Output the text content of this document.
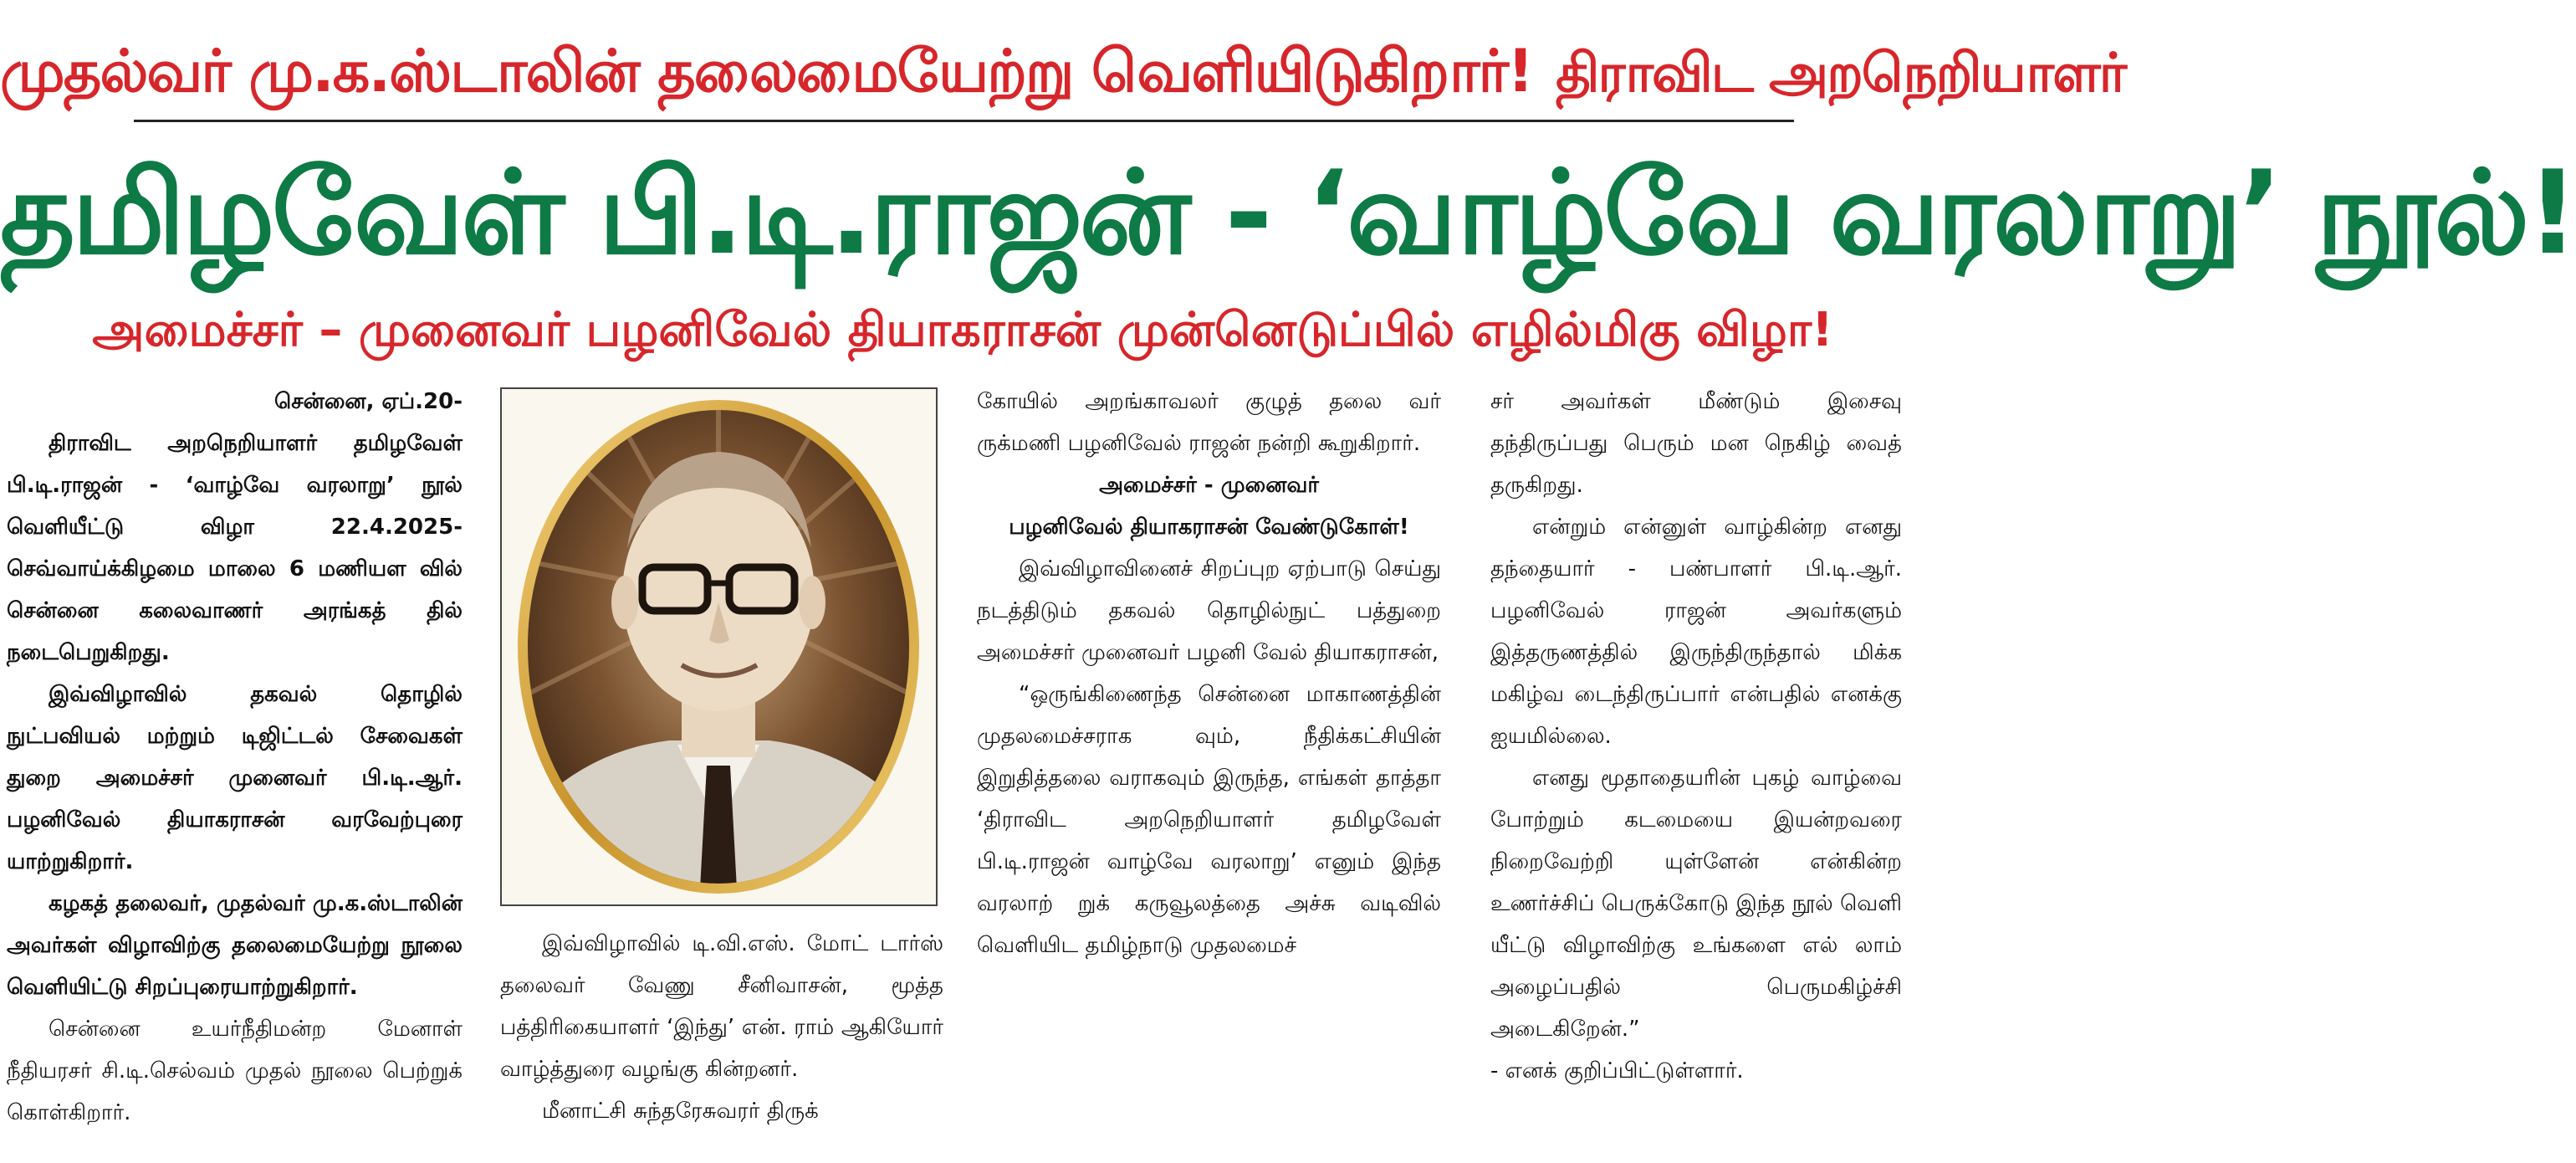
முதல்வர் மு.க.ஸ்டாலின் தலைமையேற்று வெளியிடுகிறார்! திராவிட அறநெறியாளர்
தமிழவேள் பி.டி.ராஜன் - ‘வாழ்வே வரலாறு’ நூல்!
அமைச்சர் – முனைவர் பழனிவேல் தியாகராசன் முன்னெடுப்பில் எழில்மிகு விழா!

சென்னை, ஏப்.20-

திராவிட அறநெறியாளர் தமிழவேள் பி.டி.ராஜன் - ‘வாழ்வே வரலாறு’ நூல் வெளியீட்டு விழா 22.4.2025- செவ்வாய்க்கிழமை மாலை 6 மணியள வில் சென்னை கலைவாணர் அரங்கத் தில் நடைபெறுகிறது.

இவ்விழாவில் தகவல் தொழில் நுட்பவியல் மற்றும் டிஜிட்டல் சேவைகள் துறை அமைச்சர் முனைவர் பி.டி.ஆர். பழனிவேல் தியாகராசன் வரவேற்புரை யாற்றுகிறார்.

கழகத் தலைவர், முதல்வர் மு.க.ஸ்டாலின் அவர்கள் விழாவிற்கு தலைமையேற்று நூலை வெளியிட்டு சிறப்புரையாற்றுகிறார்.

சென்னை உயர்நீதிமன்ற மேனாள் நீதியரசர் சி.டி.செல்வம் முதல் நூலை பெற்றுக் கொள்கிறார்.

இவ்விழாவில் டி.வி.எஸ். மோட் டார்ஸ் தலைவர் வேணு சீனிவாசன், மூத்த பத்திரிகையாளர் ‘இந்து’ என். ராம் ஆகியோர் வாழ்த்துரை வழங்கு கின்றனர்.

மீனாட்சி சுந்தரேசுவரர் திருக்

கோயில் அறங்காவலர் குழுத் தலை வர் ருக்மணி பழனிவேல் ராஜன் நன்றி கூறுகிறார்.

அமைச்சர் - முனைவர்

பழனிவேல் தியாகராசன் வேண்டுகோள்!

இவ்விழாவினைச் சிறப்புற ஏற்பாடு செய்து நடத்திடும் தகவல் தொழில்நுட் பத்துறை அமைச்சர் முனைவர் பழனி வேல் தியாகராசன்,

“ஒருங்கிணைந்த சென்னை மாகாணத்தின் முதலமைச்சராக வும், நீதிக்கட்சியின் இறுதித்தலை வராகவும் இருந்த, எங்கள் தாத்தா ‘திராவிட அறநெறியாளர் தமிழவேள் பி.டி.ராஜன் வாழ்வே வரலாறு’ எனும் இந்த வரலாற் றுக் கருவூலத்தை அச்சு வடிவில் வெளியிட தமிழ்நாடு முதலமைச்

சர் அவர்கள் மீண்டும் இசைவு தந்திருப்பது பெரும் மன நெகிழ் வைத் தருகிறது.

என்றும் என்னுள் வாழ்கின்ற எனது தந்தையார் - பண்பாளர் பி.டி.ஆர். பழனிவேல் ராஜன் அவர்களும் இத்தருணத்தில் இருந்திருந்தால் மிக்க மகிழ்வ டைந்திருப்பார் என்பதில் எனக்கு ஐயமில்லை.

எனது மூதாதையரின் புகழ் வாழ்வை போற்றும் கடமையை இயன்றவரை நிறைவேற்றி யுள்ளேன் என்கின்ற உணர்ச்சிப் பெருக்கோடு இந்த நூல் வெளி யீட்டு விழாவிற்கு உங்களை எல் லாம் அழைப்பதில் பெருமகிழ்ச்சி அடைகிறேன்.”

- எனக் குறிப்பிட்டுள்ளார்.
